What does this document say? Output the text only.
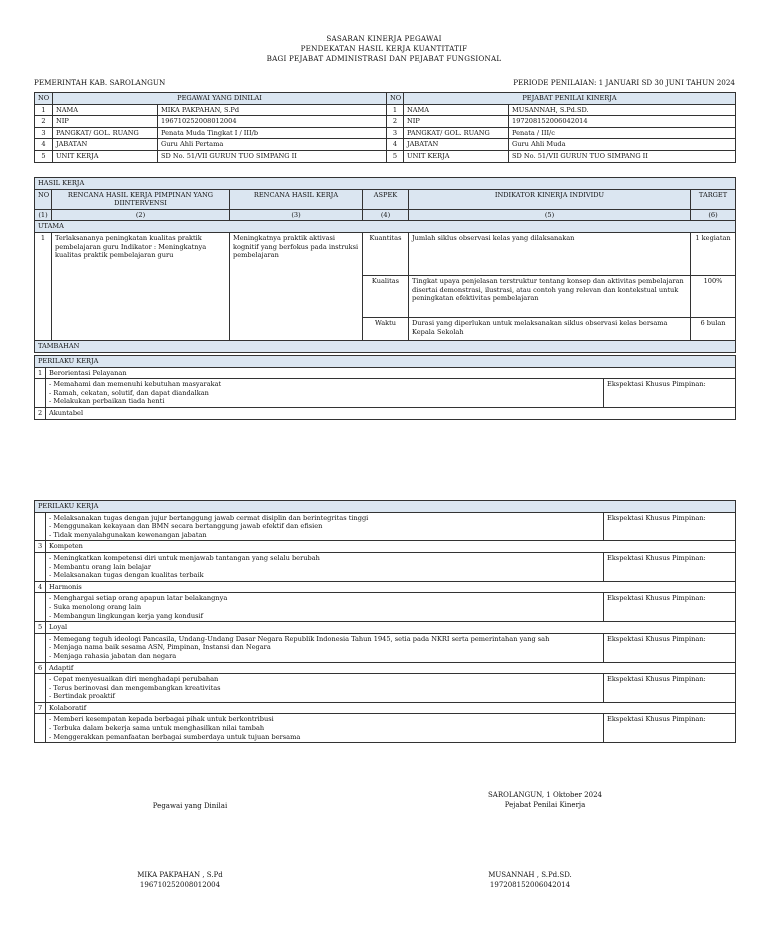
SASARAN KINERJA PEGAWAI
PENDEKATAN HASIL KERJA KUANTITATIF
BAGI PEJABAT ADMINISTRASI DAN PEJABAT FUNGSIONAL
PEMERINTAH KAB. SAROLANGUN	PERIODE PENILAIAN: 1 JANUARI SD 30 JUNI TAHUN 2024
NO	PEGAWAI YANG DINILAI		NO	PEJABAT PENILAI KINERJA	
1	NAMA	MIKA PAKPAHAN, S.Pd	1	NAMA	MUSANNAH, S.Pd.SD.
2	NIP	196710252008012004	2	NIP	197208152006042014
3	PANGKAT/ GOL. RUANG	Penata Muda Tingkat I / III/b	3	PANGKAT/ GOL. RUANG	Penata / III/c
4	JABATAN	Guru Ahli Pertama	4	JABATAN	Guru Ahli Muda
5	UNIT KERJA	SD No. 51/VII GURUN TUO SIMPANG II	5	UNIT KERJA	SD No. 51/VII GURUN TUO SIMPANG II
HASIL KERJA					
NO	RENCANA HASIL KERJA PIMPINAN YANG DIINTERVENSI	RENCANA HASIL KERJA	ASPEK	INDIKATOR KINERJA INDIVIDU	TARGET
(1)	(2)	(3)	(4)	(5)	(6)
UTAMA					
1	Terlaksananya peningkatan kualitas praktik pembelajaran guru Indikator : Meningkatnya kualitas praktik pembelajaran guru	Meningkatnya praktik aktivasi kognitif yang berfokus pada instruksi pembelajaran	Kuantitas	Jumlah siklus observasi kelas yang dilaksanakan	1 kegiatan
			Kualitas	Tingkat upaya penjelasan terstruktur tentang konsep dan aktivitas pembelajaran disertai demonstrasi, ilustrasi, atau contoh yang relevan dan kontekstual untuk peningkatan efektivitas pembelajaran	100%
			Waktu	Durasi yang diperlukan untuk melaksanakan siklus observasi kelas bersama Kepala Sekolah	6 bulan
TAMBAHAN					
PERILAKU KERJA		
1	Berorientasi Pelayanan	

	- Memahami dan memenuhi kebutuhan masyarakat
- Ramah, cekatan, solutif, dan dapat diandalkan
- Melakukan perbaikan tiada henti	Ekspektasi Khusus Pimpinan:
2	Akuntabel	
PERILAKU KERJA		

	- Melaksanakan tugas dengan jujur bertanggung jawab cermat disiplin dan berintegritas tinggi
- Menggunakan kekayaan dan BMN secara bertanggung jawab efektif dan efisien
- Tidak menyalahgunakan kewenangan jabatan	Ekspektasi Khusus Pimpinan:
3	Kompeten	

	- Meningkatkan kompetensi diri untuk menjawab tantangan yang selalu berubah
- Membantu orang lain belajar
- Melaksanakan tugas dengan kualitas terbaik	Ekspektasi Khusus Pimpinan:
4	Harmonis	

	- Menghargai setiap orang apapun latar belakangnya
- Suka menolong orang lain
- Membangun lingkungan kerja yang kondusif	Ekspektasi Khusus Pimpinan:
5	Loyal	

	- Memegang teguh ideologi Pancasila, Undang-Undang Dasar Negara Republik Indonesia Tahun 1945, setia pada NKRI serta pemerintahan yang sah
- Menjaga nama baik sesama ASN, Pimpinan, Instansi dan Negara
- Menjaga rahasia jabatan dan negara	Ekspektasi Khusus Pimpinan:
6	Adaptif	

	- Cepat menyesuaikan diri menghadapi perubahan
- Terus berinovasi dan mengembangkan kreativitas
- Bertindak proaktif	Ekspektasi Khusus Pimpinan:
7	Kolaboratif	

	- Memberi kesempatan kepada berbagai pihak untuk berkontribusi
- Terbuka dalam bekerja sama untuk menghasilkan nilai tambah
- Menggerakkan pemanfaatan berbagai sumberdaya untuk tujuan bersama	Ekspektasi Khusus Pimpinan:
SAROLANGUN, 1 Oktober 2024
Pejabat Penilai Kinerja
Pegawai yang Dinilai
MIKA PAKPAHAN , S.Pd
196710252008012004
MUSANNAH , S.Pd.SD.
197208152006042014
